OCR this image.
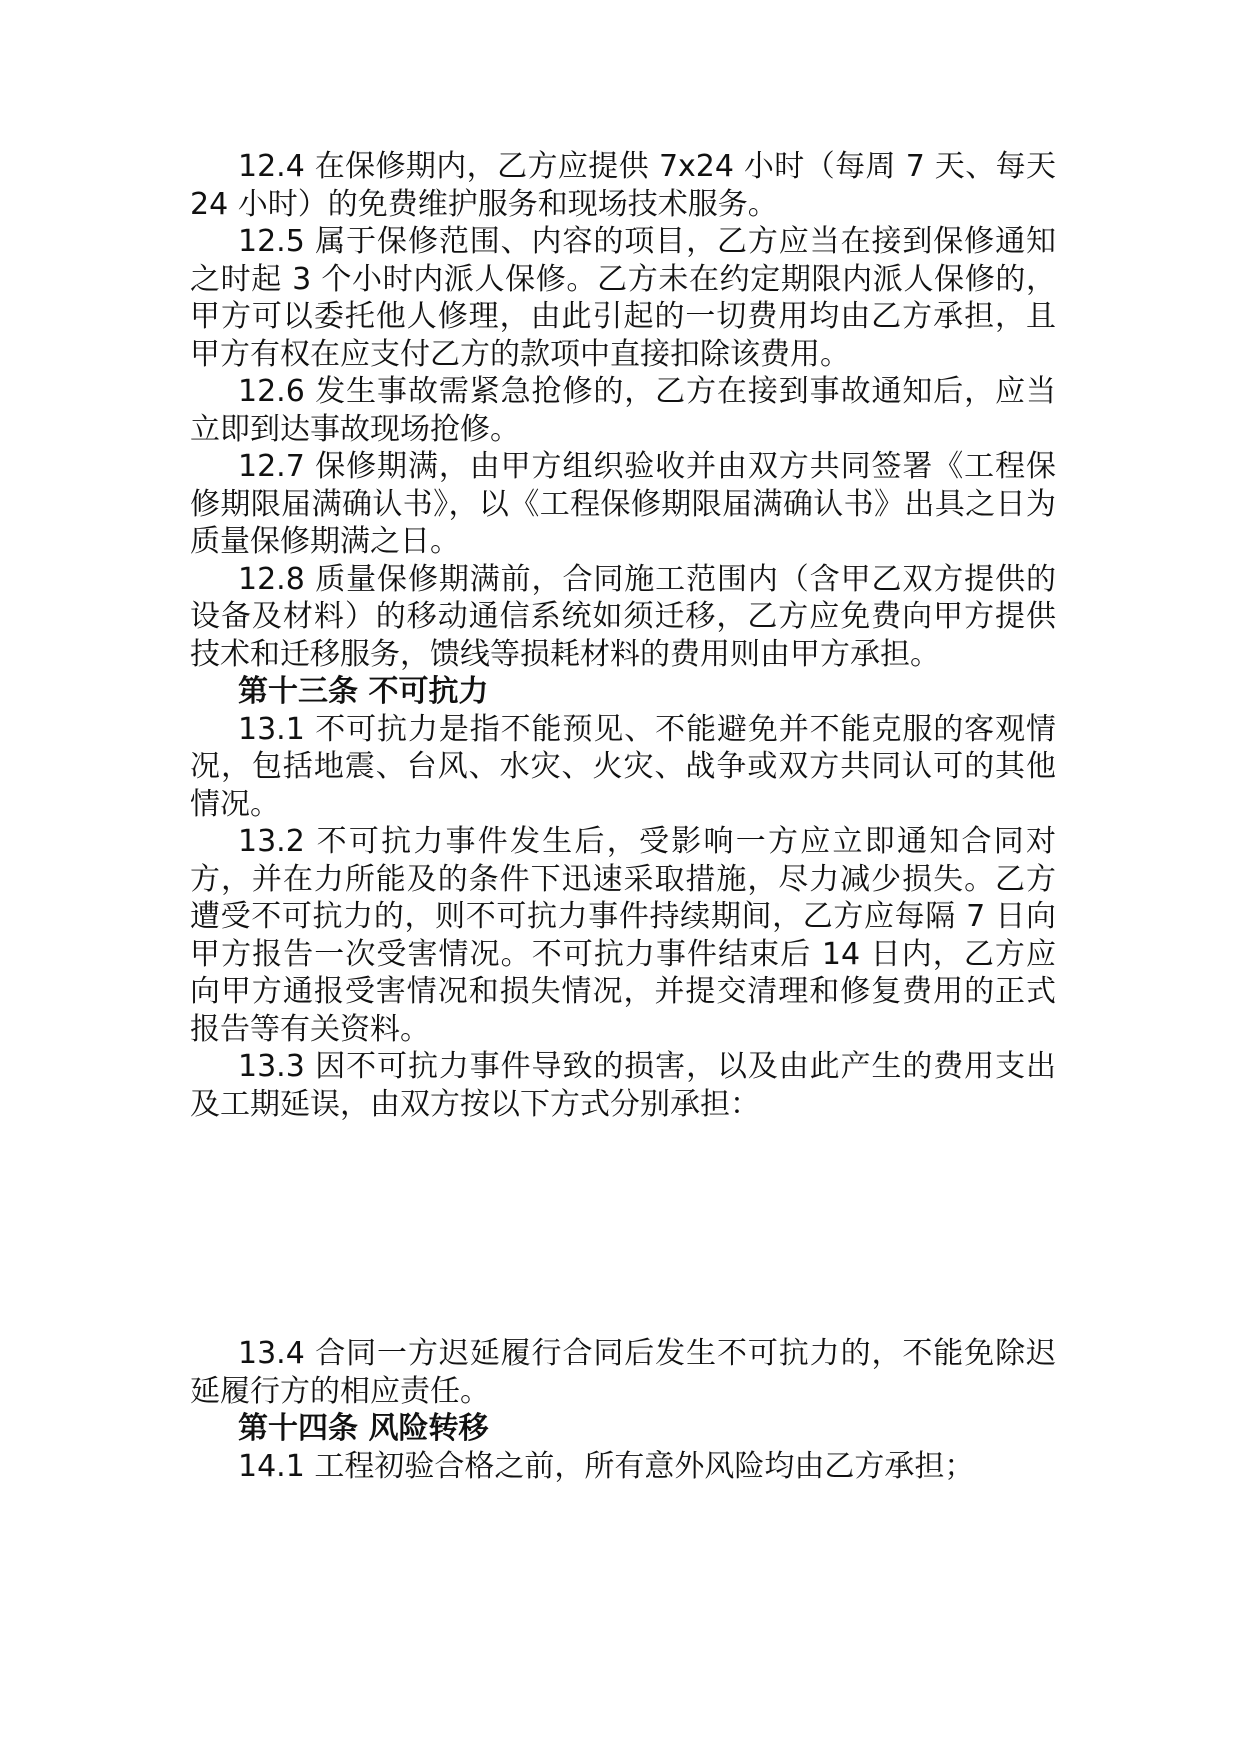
12.4 在保修期内，乙方应提供 7x24 小时（每周 7 天、每天 24 小时）的免费维护服务和现场技术服务。

12.5 属于保修范围、内容的项目，乙方应当在接到保修通知之时起 3 个小时内派人保修。乙方未在约定期限内派人保修的，甲方可以委托他人修理，由此引起的一切费用均由乙方承担，且甲方有权在应支付乙方的款项中直接扣除该费用。

12.6 发生事故需紧急抢修的，乙方在接到事故通知后，应当立即到达事故现场抢修。

12.7 保修期满，由甲方组织验收并由双方共同签署《工程保修期限届满确认书》，以《工程保修期限届满确认书》出具之日为质量保修期满之日。

12.8 质量保修期满前，合同施工范围内（含甲乙双方提供的设备及材料）的移动通信系统如须迁移，乙方应免费向甲方提供技术和迁移服务，馈线等损耗材料的费用则由甲方承担。

第十三条 不可抗力

13.1 不可抗力是指不能预见、不能避免并不能克服的客观情况，包括地震、台风、水灾、火灾、战争或双方共同认可的其他情况。

13.2 不可抗力事件发生后，受影响一方应立即通知合同对方，并在力所能及的条件下迅速采取措施，尽力减少损失。乙方遭受不可抗力的，则不可抗力事件持续期间，乙方应每隔 7 日向甲方报告一次受害情况。不可抗力事件结束后 14 日内，乙方应向甲方通报受害情况和损失情况，并提交清理和修复费用的正式报告等有关资料。

13.3 因不可抗力事件导致的损害，以及由此产生的费用支出及工期延误，由双方按以下方式分别承担：

13.4 合同一方迟延履行合同后发生不可抗力的，不能免除迟延履行方的相应责任。

第十四条 风险转移

14.1 工程初验合格之前，所有意外风险均由乙方承担；
